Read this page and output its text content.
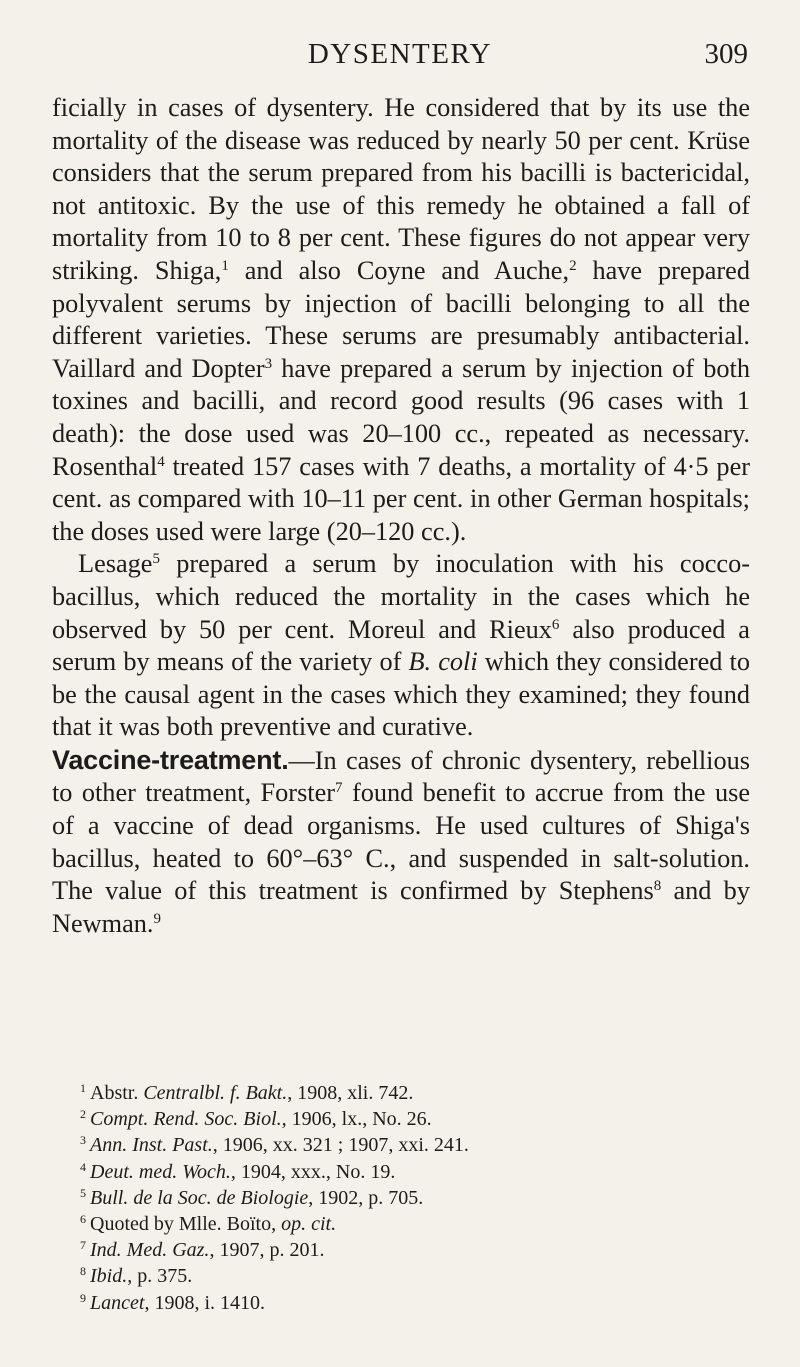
DYSENTERY	309

ficially in cases of dysentery. He considered that by its use the mortality of the disease was reduced by nearly 50 per cent. Krüse considers that the serum prepared from his bacilli is bactericidal, not antitoxic. By the use of this remedy he obtained a fall of mortality from 10 to 8 per cent. These figures do not appear very striking. Shiga,$^1$ and also Coyne and Auche,$^2$ have prepared polyvalent serums by injection of bacilli belonging to all the different varieties. These serums are presumably antibacterial. Vaillard and Dopter$^3$ have prepared a serum by injection of both toxines and bacilli, and record good results (96 cases with 1 death): the dose used was 20–100 cc., repeated as necessary. Rosenthal$^4$ treated 157 cases with 7 deaths, a mortality of 4·5 per cent. as compared with 10–11 per cent. in other German hospitals; the doses used were large (20–120 cc.).

Lesage$^5$ prepared a serum by inoculation with his cocco-bacillus, which reduced the mortality in the cases which he observed by 50 per cent. Moreul and Rieux$^6$ also produced a serum by means of the variety of B. coli which they considered to be the causal agent in the cases which they examined; they found that it was both preventive and curative.

Vaccine-treatment.—In cases of chronic dysentery, rebellious to other treatment, Forster$^7$ found benefit to accrue from the use of a vaccine of dead organisms. He used cultures of Shiga's bacillus, heated to 60°–63° C., and suspended in salt-solution. The value of this treatment is confirmed by Stephens$^8$ and by Newman.$^9$

$^1$ Abstr. Centralbl. f. Bakt., 1908, xli. 742.

$^2$ Compt. Rend. Soc. Biol., 1906, lx., No. 26.

$^3$ Ann. Inst. Past., 1906, xx. 321 ; 1907, xxi. 241.

$^4$ Deut. med. Woch., 1904, xxx., No. 19.

$^5$ Bull. de la Soc. de Biologie, 1902, p. 705.

$^6$ Quoted by Mlle. Boïto, op. cit.

$^7$ Ind. Med. Gaz., 1907, p. 201.

$^8$ Ibid., p. 375.

$^9$ Lancet, 1908, i. 1410.
